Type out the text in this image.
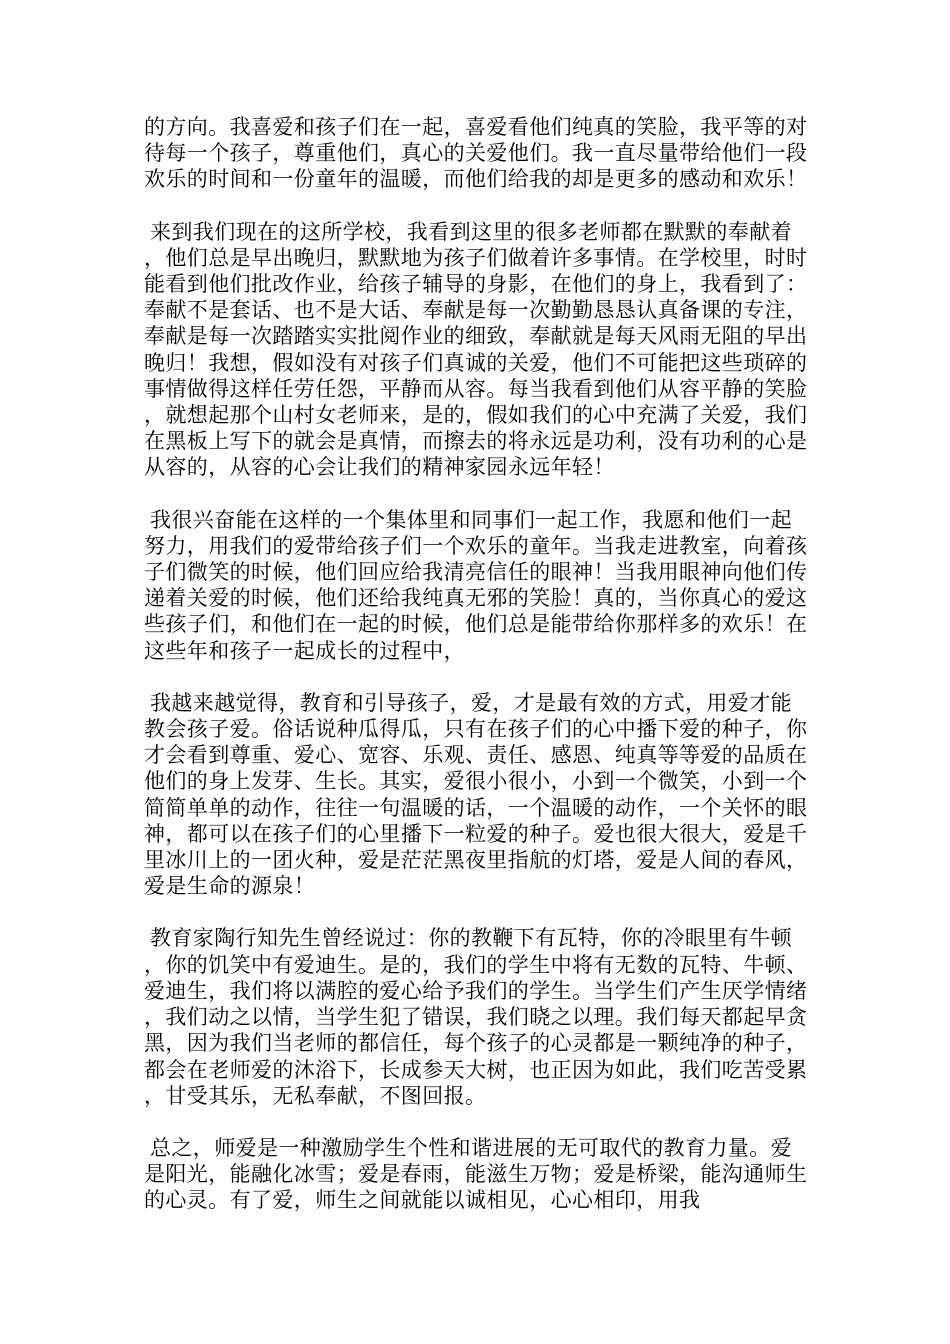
的方向。我喜爱和孩子们在一起，喜爱看他们纯真的笑脸，我平等的对待每一个孩子，尊重他们，真心的关爱他们。我一直尽量带给他们一段欢乐的时间和一份童年的温暖，而他们给我的却是更多的感动和欢乐！

来到我们现在的这所学校，我看到这里的很多老师都在默默的奉献着，他们总是早出晚归，默默地为孩子们做着许多事情。在学校里，时时能看到他们批改作业，给孩子辅导的身影，在他们的身上，我看到了：奉献不是套话、也不是大话、奉献是每一次勤勤恳恳认真备课的专注，奉献是每一次踏踏实实批阅作业的细致，奉献就是每天风雨无阻的早出晚归！我想，假如没有对孩子们真诚的关爱，他们不可能把这些琐碎的事情做得这样任劳任怨，平静而从容。每当我看到他们从容平静的笑脸，就想起那个山村女老师来，是的，假如我们的心中充满了关爱，我们在黑板上写下的就会是真情，而擦去的将永远是功利，没有功利的心是从容的，从容的心会让我们的精神家园永远年轻！

我很兴奋能在这样的一个集体里和同事们一起工作，我愿和他们一起努力，用我们的爱带给孩子们一个欢乐的童年。当我走进教室，向着孩子们微笑的时候，他们回应给我清亮信任的眼神！当我用眼神向他们传递着关爱的时候，他们还给我纯真无邪的笑脸！真的，当你真心的爱这些孩子们，和他们在一起的时候，他们总是能带给你那样多的欢乐！在这些年和孩子一起成长的过程中，

我越来越觉得，教育和引导孩子，爱，才是最有效的方式，用爱才能教会孩子爱。俗话说种瓜得瓜，只有在孩子们的心中播下爱的种子，你才会看到尊重、爱心、宽容、乐观、责任、感恩、纯真等等爱的品质在他们的身上发芽、生长。其实，爱很小很小，小到一个微笑，小到一个简简单单的动作，往往一句温暖的话，一个温暖的动作，一个关怀的眼神，都可以在孩子们的心里播下一粒爱的种子。爱也很大很大，爱是千里冰川上的一团火种，爱是茫茫黑夜里指航的灯塔，爱是人间的春风，爱是生命的源泉！

教育家陶行知先生曾经说过：你的教鞭下有瓦特，你的冷眼里有牛顿，你的饥笑中有爱迪生。是的，我们的学生中将有无数的瓦特、牛顿、爱迪生，我们将以满腔的爱心给予我们的学生。当学生们产生厌学情绪，我们动之以情，当学生犯了错误，我们晓之以理。我们每天都起早贪黑，因为我们当老师的都信任，每个孩子的心灵都是一颗纯净的种子，都会在老师爱的沐浴下，长成参天大树，也正因为如此，我们吃苦受累，甘受其乐，无私奉献，不图回报。

总之，师爱是一种激励学生个性和谐进展的无可取代的教育力量。爱是阳光，能融化冰雪；爱是春雨，能滋生万物；爱是桥梁，能沟通师生的心灵。有了爱，师生之间就能以诚相见，心心相印，用我
